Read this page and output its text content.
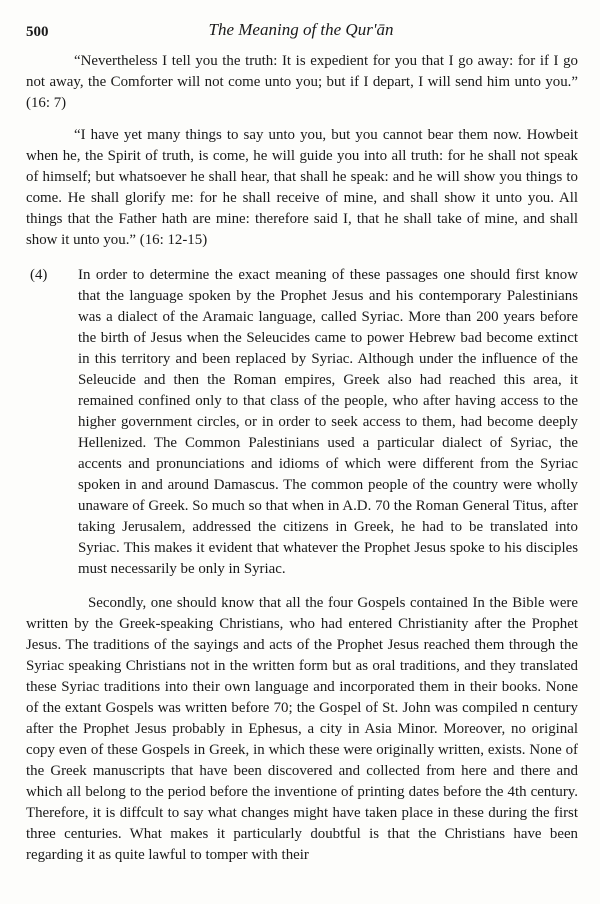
500	The Meaning of the Qur'ān

“Nevertheless I tell you the truth: It is expedient for you that I go away: for if I go not away, the Comforter will not come unto you; but if I depart, I will send him unto you.” (16: 7)

“I have yet many things to say unto you, but you cannot bear them now. Howbeit when he, the Spirit of truth, is come, he will guide you into all truth: for he shall not speak of himself; but whatsoever he shall hear, that shall he speak: and he will show you things to come. He shall glorify me: for he shall receive of mine, and shall show it unto you. All things that the Father hath are mine: therefore said I, that he shall take of mine, and shall show it unto you.” (16: 12-15)

(4)	In order to determine the exact meaning of these passages one should first know that the language spoken by the Prophet Jesus and his contemporary Palestinians was a dialect of the Aramaic language, called Syriac. More than 200 years before the birth of Jesus when the Seleucides came to power Hebrew bad become extinct in this territory and been replaced by Syriac. Although under the influence of the Seleucide and then the Roman empires, Greek also had reached this area, it remained confined only to that class of the people, who after having access to the higher government circles, or in order to seek access to them, had become deeply Hellenized. The Common Palestinians used a particular dialect of Syriac, the accents and pronunciations and idioms of which were different from the Syriac spoken in and around Damascus. The common people of the country were wholly unaware of Greek. So much so that when in A.D. 70 the Roman General Titus, after taking Jerusalem, addressed the citizens in Greek, he had to be translated into Syriac. This makes it evident that whatever the Prophet Jesus spoke to his disciples must necessarily be only in Syriac.

Secondly, one should know that all the four Gospels contained In the Bible were written by the Greek-speaking Christians, who had entered Christianity after the Prophet Jesus. The traditions of the sayings and acts of the Prophet Jesus reached them through the Syriac speaking Christians not in the written form but as oral traditions, and they translated these Syriac traditions into their own language and incorporated them in their books. None of the extant Gospels was written before 70; the Gospel of St. John was compiled n century after the Prophet Jesus probably in Ephesus, a city in Asia Minor. Moreover, no original copy even of these Gospels in Greek, in which these were originally written, exists. None of the Greek manuscripts that have been discovered and collected from here and there and which all belong to the period before the inventione of printing dates before the 4th century. Therefore, it is diffcult to say what changes might have taken place in these during the first three centuries. What makes it particularly doubtful is that the Christians have been regarding it as quite lawful to tomper with their
